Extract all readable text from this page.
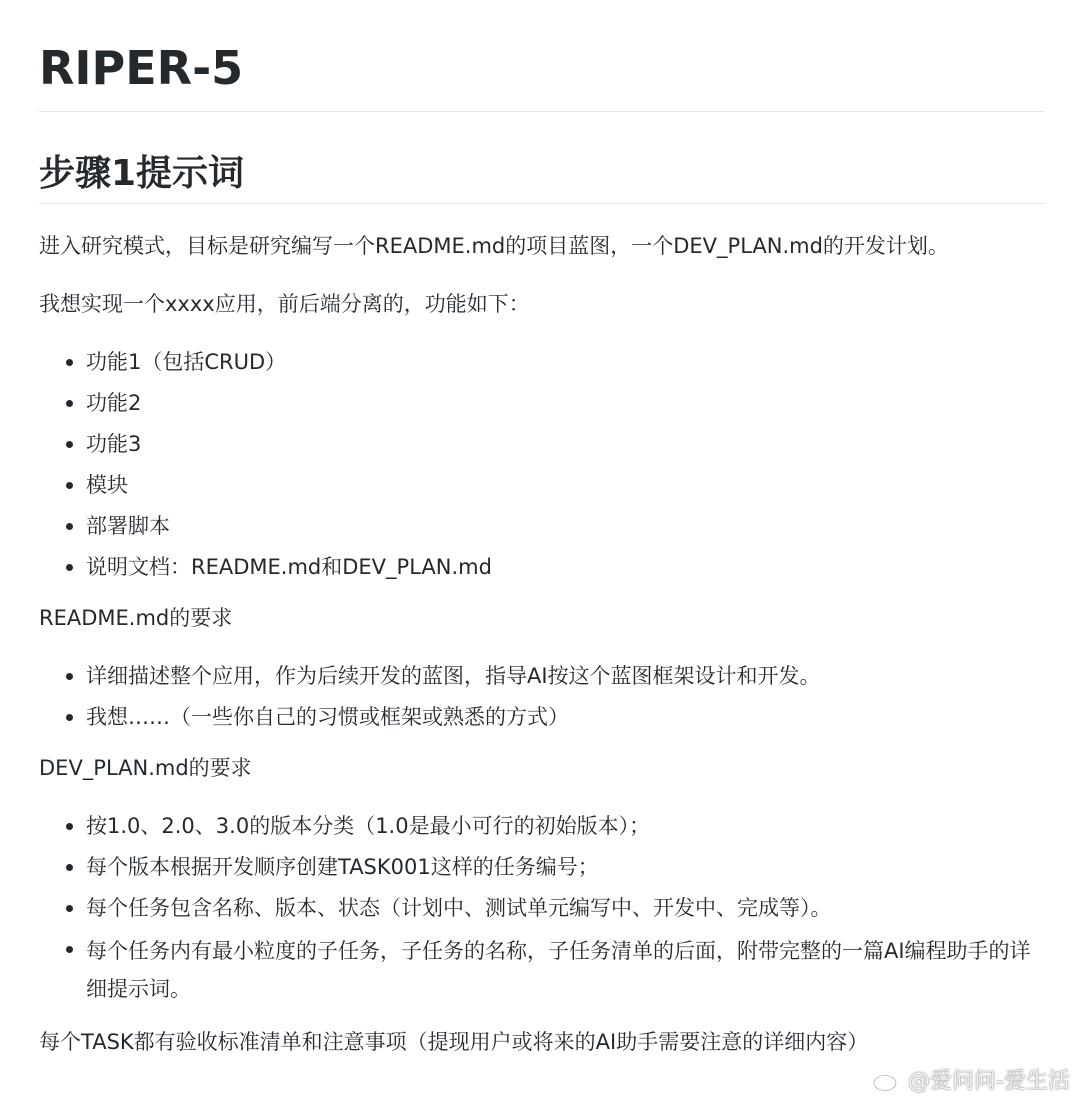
RIPER-5
步骤1提示词

进入研究模式，目标是研究编写一个README.md的项目蓝图，一个DEV_PLAN.md的开发计划。

我想实现一个xxxx应用，前后端分离的，功能如下：

功能1（包括CRUD）
功能2
功能3
模块
部署脚本
说明文档：README.md和DEV_PLAN.md

README.md的要求

详细描述整个应用，作为后续开发的蓝图，指导AI按这个蓝图框架设计和开发。
我想……（一些你自己的习惯或框架或熟悉的方式）

DEV_PLAN.md的要求

按1.0、2.0、3.0的版本分类（1.0是最小可行的初始版本）；
每个版本根据开发顺序创建TASK001这样的任务编号；
每个任务包含名称、版本、状态（计划中、测试单元编写中、开发中、完成等）。
每个任务内有最小粒度的子任务，子任务的名称，子任务清单的后面，附带完整的一篇AI编程助手的详细提示词。

每个TASK都有验收标准清单和注意事项（提现用户或将来的AI助手需要注意的详细内容）

@爱问问-爱生活
